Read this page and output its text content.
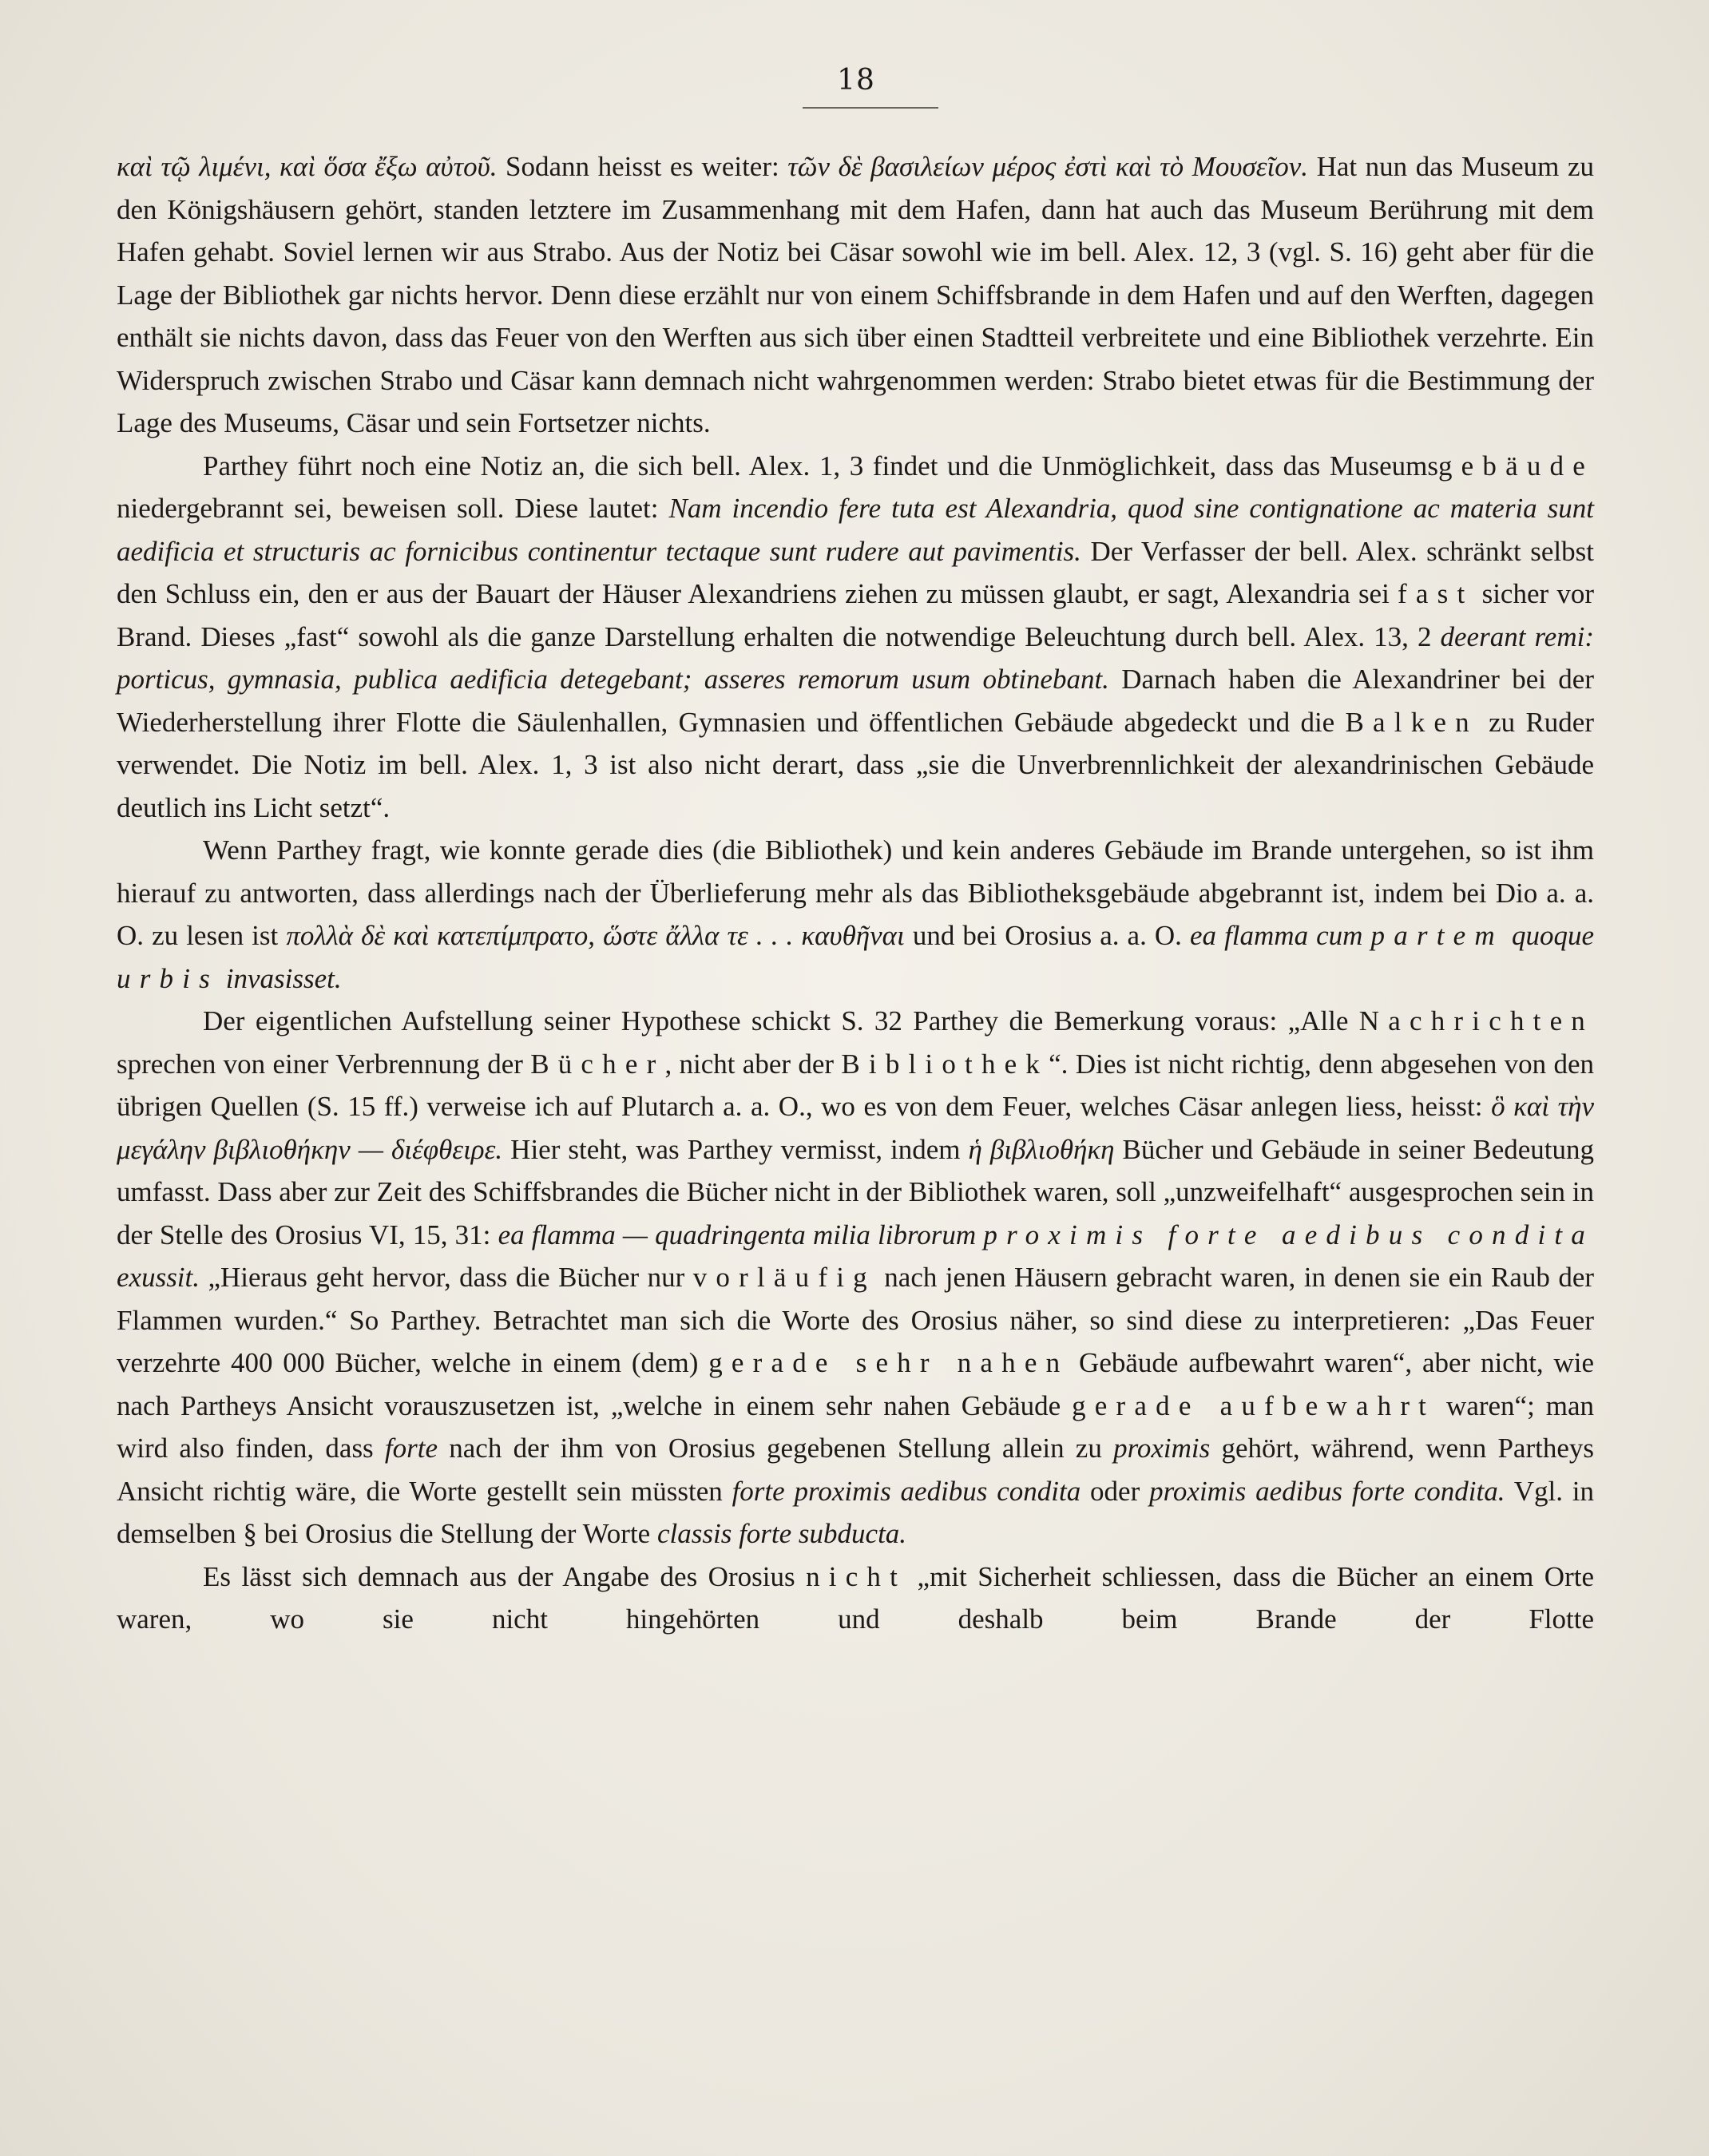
18

καὶ τῷ λιμένι, καὶ ὅσα ἔξω αὐτοῦ. Sodann heisst es weiter: τῶν δὲ βασιλείων μέρος ἐστὶ καὶ τὸ Μουσεῖον. Hat nun das Museum zu den Königshäusern gehört, standen letztere im Zusammenhang mit dem Hafen, dann hat auch das Museum Berührung mit dem Hafen gehabt. Soviel lernen wir aus Strabo. Aus der Notiz bei Cäsar sowohl wie im bell. Alex. 12, 3 (vgl. S. 16) geht aber für die Lage der Bibliothek gar nichts hervor. Denn diese erzählt nur von einem Schiffsbrande in dem Hafen und auf den Werften, dagegen enthält sie nichts davon, dass das Feuer von den Werften aus sich über einen Stadtteil verbreitete und eine Bibliothek verzehrte. Ein Widerspruch zwischen Strabo und Cäsar kann demnach nicht wahrgenommen werden: Strabo bietet etwas für die Bestimmung der Lage des Museums, Cäsar und sein Fortsetzer nichts.

Parthey führt noch eine Notiz an, die sich bell. Alex. 1, 3 findet und die Unmöglichkeit, dass das Museumsgebäude niedergebrannt sei, beweisen soll. Diese lautet: Nam incendio fere tuta est Alexandria, quod sine contignatione ac materia sunt aedificia et structuris ac fornicibus continentur tectaque sunt rudere aut pavimentis. Der Verfasser der bell. Alex. schränkt selbst den Schluss ein, den er aus der Bauart der Häuser Alexandriens ziehen zu müssen glaubt, er sagt, Alexandria sei fast sicher vor Brand. Dieses „fast“ sowohl als die ganze Darstellung erhalten die notwendige Beleuchtung durch bell. Alex. 13, 2 deerant remi: porticus, gymnasia, publica aedificia detegebant; asseres remorum usum obtinebant. Darnach haben die Alexandriner bei der Wiederherstellung ihrer Flotte die Säulenhallen, Gymnasien und öffentlichen Gebäude abgedeckt und die Balken zu Ruder verwendet. Die Notiz im bell. Alex. 1, 3 ist also nicht derart, dass „sie die Unverbrennlichkeit der alexandrinischen Gebäude deutlich ins Licht setzt“.

Wenn Parthey fragt, wie konnte gerade dies (die Bibliothek) und kein anderes Gebäude im Brande untergehen, so ist ihm hierauf zu antworten, dass allerdings nach der Überlieferung mehr als das Bibliotheksgebäude abgebrannt ist, indem bei Dio a. a. O. zu lesen ist πολλὰ δὲ καὶ κατεπίμπρατο, ὥστε ἄλλα τε . . . καυθῆναι und bei Orosius a. a. O. ea flamma cum partem quoque urbis invasisset.

Der eigentlichen Aufstellung seiner Hypothese schickt S. 32 Parthey die Bemerkung voraus: „Alle Nachrichten sprechen von einer Verbrennung der Bücher, nicht aber der Bibliothek“. Dies ist nicht richtig, denn abgesehen von den übrigen Quellen (S. 15 ff.) verweise ich auf Plutarch a. a. O., wo es von dem Feuer, welches Cäsar anlegen liess, heisst: ὃ καὶ τὴν μεγάλην βιβλιοθήκην — διέφθειρε. Hier steht, was Parthey vermisst, indem ἡ βιβλιοθήκη Bücher und Gebäude in seiner Bedeutung umfasst. Dass aber zur Zeit des Schiffsbrandes die Bücher nicht in der Bibliothek waren, soll „unzweifelhaft“ ausgesprochen sein in der Stelle des Orosius VI, 15, 31: ea flamma — quadringenta milia librorum proximis forte aedibus condita exussit. „Hieraus geht hervor, dass die Bücher nur vorläufig nach jenen Häusern gebracht waren, in denen sie ein Raub der Flammen wurden.“ So Parthey. Betrachtet man sich die Worte des Orosius näher, so sind diese zu interpretieren: „Das Feuer verzehrte 400 000 Bücher, welche in einem (dem) gerade sehr nahen Gebäude aufbewahrt waren“, aber nicht, wie nach Partheys Ansicht vorauszusetzen ist, „welche in einem sehr nahen Gebäude gerade aufbewahrt waren“; man wird also finden, dass forte nach der ihm von Orosius gegebenen Stellung allein zu proximis gehört, während, wenn Partheys Ansicht richtig wäre, die Worte gestellt sein müssten forte proximis aedibus condita oder proximis aedibus forte condita. Vgl. in demselben § bei Orosius die Stellung der Worte classis forte subducta.

Es lässt sich demnach aus der Angabe des Orosius nicht „mit Sicherheit schliessen, dass die Bücher an einem Orte waren, wo sie nicht hingehörten und deshalb beim Brande der Flotte
